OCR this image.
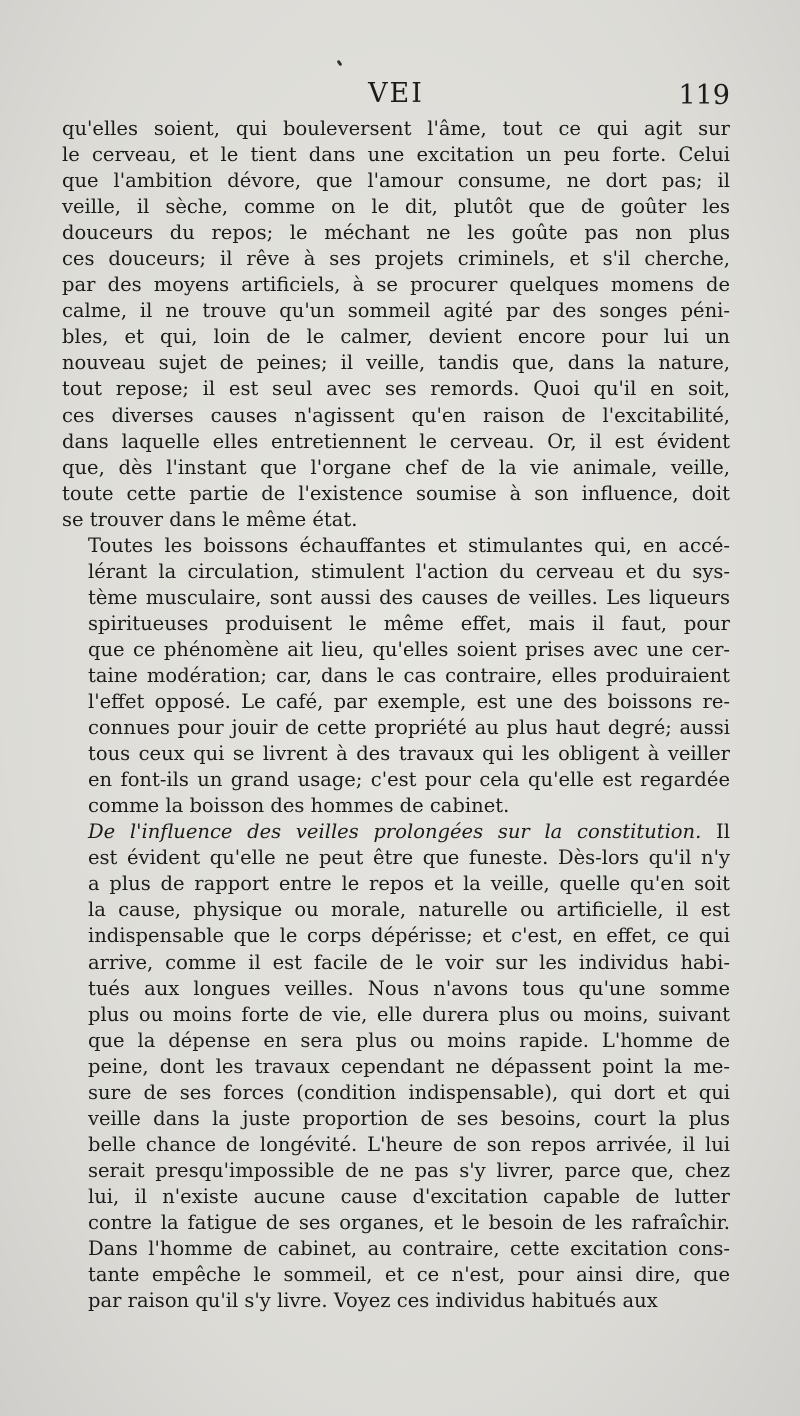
VEI	119

qu'elles soient, qui bouleversent l'âme, tout ce qui agit sur
le cerveau, et le tient dans une excitation un peu forte. Celui
que l'ambition dévore, que l'amour consume, ne dort pas; il
veille, il sèche, comme on le dit, plutôt que de goûter les
douceurs du repos; le méchant ne les goûte pas non plus
ces douceurs; il rêve à ses projets criminels, et s'il cherche,
par des moyens artificiels, à se procurer quelques momens de
calme, il ne trouve qu'un sommeil agité par des songes péni-
bles, et qui, loin de le calmer, devient encore pour lui un
nouveau sujet de peines; il veille, tandis que, dans la nature,
tout repose; il est seul avec ses remords. Quoi qu'il en soit,
ces diverses causes n'agissent qu'en raison de l'excitabilité,
dans laquelle elles entretiennent le cerveau. Or, il est évident
que, dès l'instant que l'organe chef de la vie animale, veille,
toute cette partie de l'existence soumise à son influence, doit
se trouver dans le même état.

Toutes les boissons échauffantes et stimulantes qui, en accé-
lérant la circulation, stimulent l'action du cerveau et du sys-
tème musculaire, sont aussi des causes de veilles. Les liqueurs
spiritueuses produisent le même effet, mais il faut, pour
que ce phénomène ait lieu, qu'elles soient prises avec une cer-
taine modération; car, dans le cas contraire, elles produiraient
l'effet opposé. Le café, par exemple, est une des boissons re-
connues pour jouir de cette propriété au plus haut degré; aussi
tous ceux qui se livrent à des travaux qui les obligent à veiller
en font-ils un grand usage; c'est pour cela qu'elle est regardée
comme la boisson des hommes de cabinet.

De l'influence des veilles prolongées sur la constitution. Il
est évident qu'elle ne peut être que funeste. Dès-lors qu'il n'y
a plus de rapport entre le repos et la veille, quelle qu'en soit
la cause, physique ou morale, naturelle ou artificielle, il est
indispensable que le corps dépérisse; et c'est, en effet, ce qui
arrive, comme il est facile de le voir sur les individus habi-
tués aux longues veilles. Nous n'avons tous qu'une somme
plus ou moins forte de vie, elle durera plus ou moins, suivant
que la dépense en sera plus ou moins rapide. L'homme de
peine, dont les travaux cependant ne dépassent point la me-
sure de ses forces (condition indispensable), qui dort et qui
veille dans la juste proportion de ses besoins, court la plus
belle chance de longévité. L'heure de son repos arrivée, il lui
serait presqu'impossible de ne pas s'y livrer, parce que, chez
lui, il n'existe aucune cause d'excitation capable de lutter
contre la fatigue de ses organes, et le besoin de les rafraîchir.
Dans l'homme de cabinet, au contraire, cette excitation cons-
tante empêche le sommeil, et ce n'est, pour ainsi dire, que
par raison qu'il s'y livre. Voyez ces individus habitués aux
